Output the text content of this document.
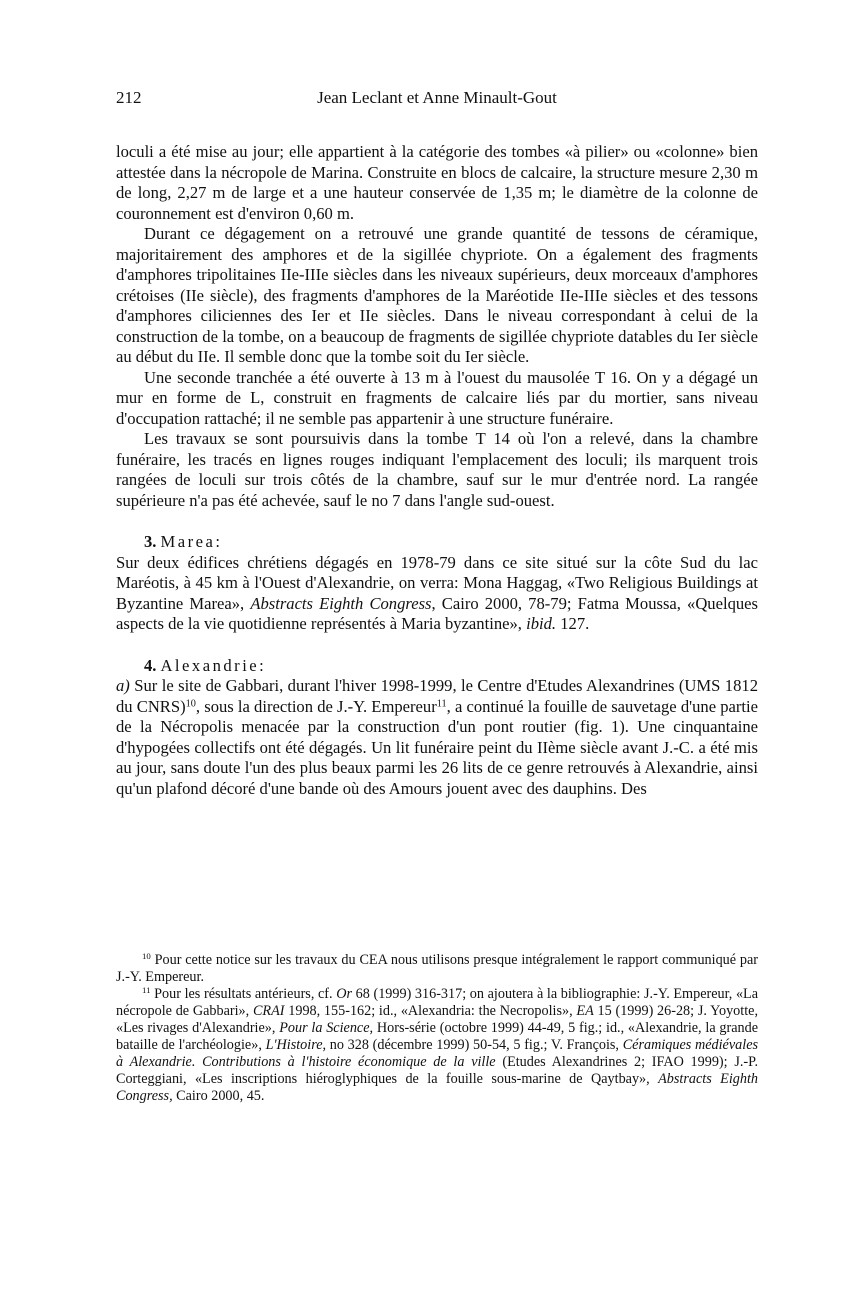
212	Jean Leclant et Anne Minault-Gout

loculi a été mise au jour; elle appartient à la catégorie des tombes «à pilier» ou «colonne» bien attestée dans la nécropole de Marina. Construite en blocs de calcaire, la structure mesure 2,30 m de long, 2,27 m de large et a une hauteur conservée de 1,35 m; le diamètre de la colonne de couronnement est d'environ 0,60 m.

Durant ce dégagement on a retrouvé une grande quantité de tessons de céramique, majoritairement des amphores et de la sigillée chypriote. On a également des fragments d'amphores tripolitaines IIe-IIIe siècles dans les niveaux supérieurs, deux morceaux d'amphores crétoises (IIe siècle), des fragments d'amphores de la Maréotide IIe-IIIe siècles et des tessons d'amphores ciliciennes des Ier et IIe siècles. Dans le niveau correspondant à celui de la construction de la tombe, on a beaucoup de fragments de sigillée chypriote datables du Ier siècle au début du IIe. Il semble donc que la tombe soit du Ier siècle.

Une seconde tranchée a été ouverte à 13 m à l'ouest du mausolée T 16. On y a dégagé un mur en forme de L, construit en fragments de calcaire liés par du mortier, sans niveau d'occupation rattaché; il ne semble pas appartenir à une structure funéraire.

Les travaux se sont poursuivis dans la tombe T 14 où l'on a relevé, dans la chambre funéraire, les tracés en lignes rouges indiquant l'emplacement des loculi; ils marquent trois rangées de loculi sur trois côtés de la chambre, sauf sur le mur d'entrée nord. La rangée supérieure n'a pas été achevée, sauf le no 7 dans l'angle sud-ouest.

3. Marea:

Sur deux édifices chrétiens dégagés en 1978-79 dans ce site situé sur la côte Sud du lac Maréotis, à 45 km à l'Ouest d'Alexandrie, on verra: Mona Haggag, «Two Religious Buildings at Byzantine Marea», Abstracts Eighth Congress, Cairo 2000, 78-79; Fatma Moussa, «Quelques aspects de la vie quotidienne représentés à Maria byzantine», ibid. 127.

4. Alexandrie:

a) Sur le site de Gabbari, durant l'hiver 1998-1999, le Centre d'Etudes Alexandrines (UMS 1812 du CNRS)$^{10}$, sous la direction de J.-Y. Empereur$^{11}$, a continué la fouille de sauvetage d'une partie de la Nécropolis menacée par la construction d'un pont routier (fig. 1). Une cinquantaine d'hypogées collectifs ont été dégagés. Un lit funéraire peint du IIème siècle avant J.-C. a été mis au jour, sans doute l'un des plus beaux parmi les 26 lits de ce genre retrouvés à Alexandrie, ainsi qu'un plafond décoré d'une bande où des Amours jouent avec des dauphins. Des

$^{10}$ Pour cette notice sur les travaux du CEA nous utilisons presque intégralement le rapport communiqué par J.-Y. Empereur.

$^{11}$ Pour les résultats antérieurs, cf. Or 68 (1999) 316-317; on ajoutera à la bibliographie: J.-Y. Empereur, «La nécropole de Gabbari», CRAI 1998, 155-162; id., «Alexandria: the Necropolis», EA 15 (1999) 26-28; J. Yoyotte, «Les rivages d'Alexandrie», Pour la Science, Hors-série (octobre 1999) 44-49, 5 fig.; id., «Alexandrie, la grande bataille de l'archéologie», L'Histoire, no 328 (décembre 1999) 50-54, 5 fig.; V. François, Céramiques médiévales à Alexandrie. Contributions à l'histoire économique de la ville (Etudes Alexandrines 2; IFAO 1999); J.-P. Corteggiani, «Les inscriptions hiéroglyphiques de la fouille sous-marine de Qaytbay», Abstracts Eighth Congress, Cairo 2000, 45.
